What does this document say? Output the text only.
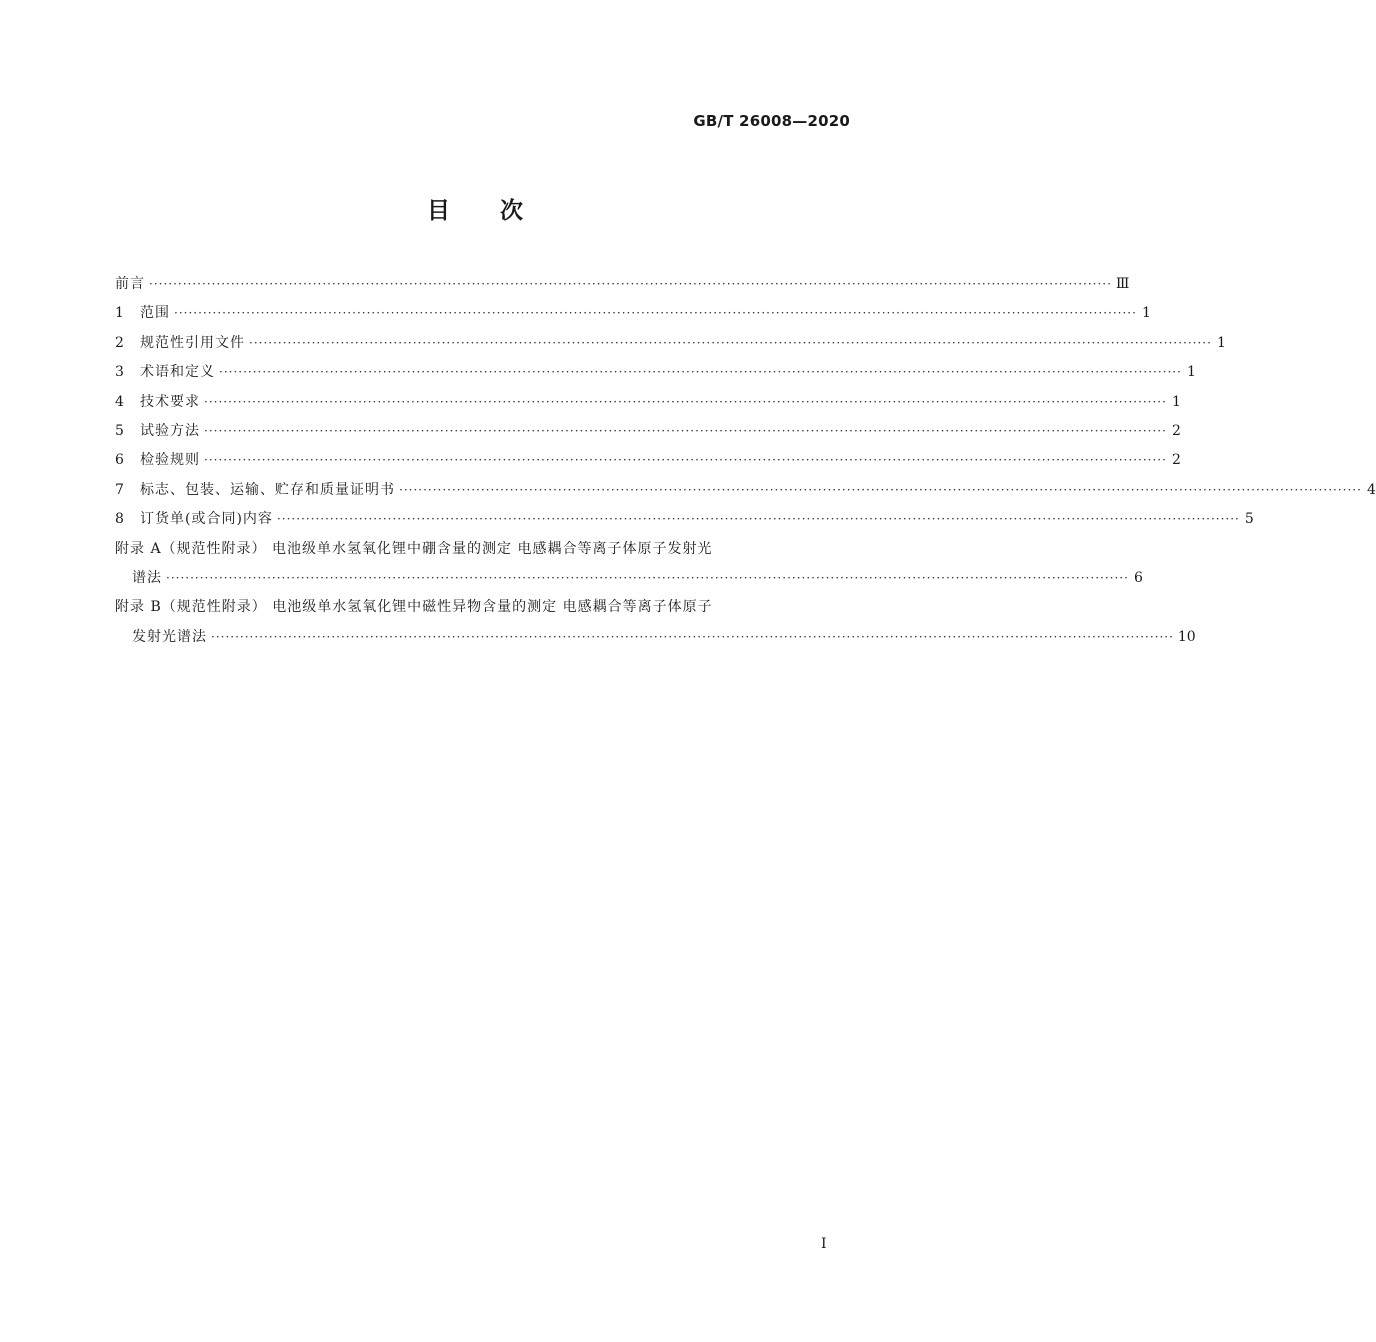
GB/T 26008—2020
目次
前言 ········································································································································································································ Ⅲ
1	范围 ········································································································································································································ 1
2	规范性引用文件 ········································································································································································································ 1
3	术语和定义 ········································································································································································································ 1
4	技术要求 ········································································································································································································ 1
5	试验方法 ········································································································································································································ 2
6	检验规则 ········································································································································································································ 2
7	标志、包装、运输、贮存和质量证明书 ········································································································································································································ 4
8	订货单(或合同)内容 ········································································································································································································ 5
附录 A（规范性附录） 电池级单水氢氧化锂中硼含量的测定 电感耦合等离子体原子发射光
谱法 ········································································································································································································ 6
附录 B（规范性附录） 电池级单水氢氧化锂中磁性异物含量的测定 电感耦合等离子体原子
发射光谱法 ········································································································································································································ 10
I
